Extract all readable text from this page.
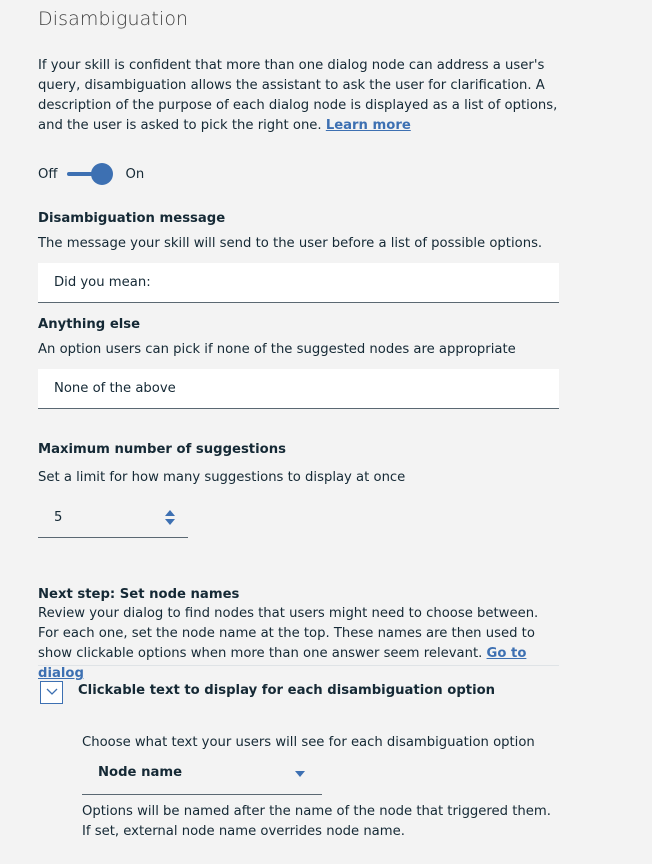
Disambiguation

If your skill is confident that more than one dialog node can address a user's query, disambiguation allows the assistant to ask the user for clarification. A description of the purpose of each dialog node is displayed as a list of options, and the user is asked to pick the right one. Learn more

Off	On
Disambiguation message
The message your skill will send to the user before a list of possible options.
Did you mean:
Anything else
An option users can pick if none of the suggested nodes are appropriate
None of the above
Maximum number of suggestions
Set a limit for how many suggestions to display at once
5
Next step: Set node names

Review your dialog to find nodes that users might need to choose between. For each one, set the node name at the top. These names are then used to show clickable options when more than one answer seem relevant. Go to dialog

Clickable text to display for each disambiguation option
Choose what text your users will see for each disambiguation option
Node name

Options will be named after the name of the node that triggered them. If set, external node name overrides node name.
